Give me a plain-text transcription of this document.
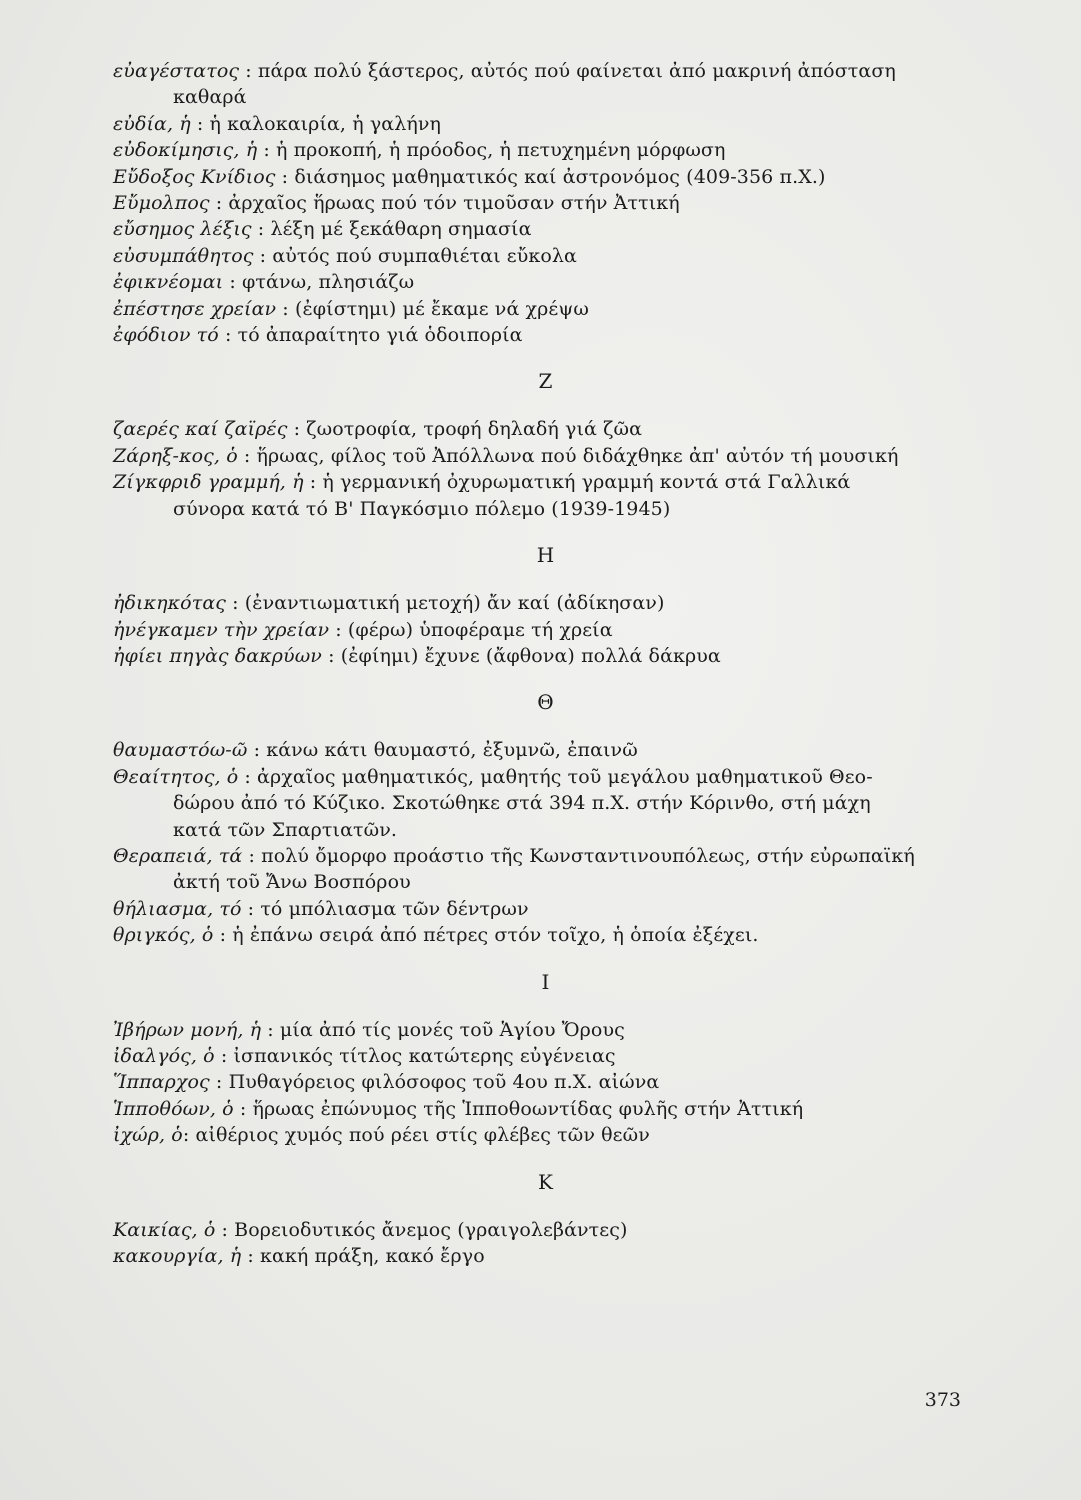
εὐαγέστατος : πάρα πολύ ξάστερος, αὐτός πού φαίνεται ἀπό μακρινή ἀπόσταση
καθαρά
εὐδία, ἡ : ἡ καλοκαιρία, ἡ γαλήνη
εὐδοκίμησις, ἡ : ἡ προκοπή, ἡ πρόοδος, ἡ πετυχημένη μόρφωση
Εὔδοξος Κνίδιος : διάσημος μαθηματικός καί ἀστρονόμος (409-356 π.Χ.)
Εὔμολπος : ἀρχαῖος ἥρωας πού τόν τιμοῦσαν στήν Ἀττική
εὔσημος λέξις : λέξη μέ ξεκάθαρη σημασία
εὐσυμπάθητος : αὐτός πού συμπαθιέται εὔκολα
ἐφικνέομαι : φτάνω, πλησιάζω
ἐπέστησε χρείαν : (ἐφίστημι) μέ ἔκαμε νά χρέψω
ἐφόδιον τό : τό ἀπαραίτητο γιά ὁδοιπορία
Ζ
ζαερές καί ζαϊρές : ζωοτροφία, τροφή δηλαδή γιά ζῶα
Ζάρηξ-κος, ὁ : ἥρωας, φίλος τοῦ Ἀπόλλωνα πού διδάχθηκε ἀπ' αὐτόν τή μουσική
Ζίγκφριδ γραμμή, ἡ : ἡ γερμανική ὀχυρωματική γραμμή κοντά στά Γαλλικά
σύνορα κατά τό Β' Παγκόσμιο πόλεμο (1939-1945)
Η
ἠδικηκότας : (ἐναντιωματική μετοχή) ἄν καί (ἀδίκησαν)
ἠνέγκαμεν τὴν χρείαν : (φέρω) ὑποφέραμε τή χρεία
ἠφίει πηγὰς δακρύων : (ἐφίημι) ἔχυνε (ἄφθονα) πολλά δάκρυα
Θ
θαυμαστόω-ῶ : κάνω κάτι θαυμαστό, ἐξυμνῶ, ἐπαινῶ
Θεαίτητος, ὁ : ἀρχαῖος μαθηματικός, μαθητής τοῦ μεγάλου μαθηματικοῦ Θεο-
δώρου ἀπό τό Κύζικο. Σκοτώθηκε στά 394 π.Χ. στήν Κόρινθο, στή μάχη
κατά τῶν Σπαρτιατῶν.
Θεραπειά, τά : πολύ ὄμορφο προάστιο τῆς Κωνσταντινουπόλεως, στήν εὐρωπαϊκή
ἀκτή τοῦ Ἄνω Βοσπόρου
θήλιασμα, τό : τό μπόλιασμα τῶν δέντρων
θριγκός, ὁ : ἡ ἐπάνω σειρά ἀπό πέτρες στόν τοῖχο, ἡ ὁποία ἐξέχει.
Ι
Ἰβήρων μονή, ἡ : μία ἀπό τίς μονές τοῦ Ἁγίου Ὄρους
ἰδαλγός, ὁ : ἰσπανικός τίτλος κατώτερης εὐγένειας
Ἵππαρχος : Πυθαγόρειος φιλόσοφος τοῦ 4ου π.Χ. αἰώνα
Ἱπποθόων, ὁ : ἥρωας ἐπώνυμος τῆς Ἱπποθοωντίδας φυλῆς στήν Ἀττική
ἰχώρ, ὁ: αἰθέριος χυμός πού ρέει στίς φλέβες τῶν θεῶν
Κ
Καικίας, ὁ : Βορειοδυτικός ἄνεμος (γραιγολεβάντες)
κακουργία, ἡ : κακή πράξη, κακό ἔργο
373
